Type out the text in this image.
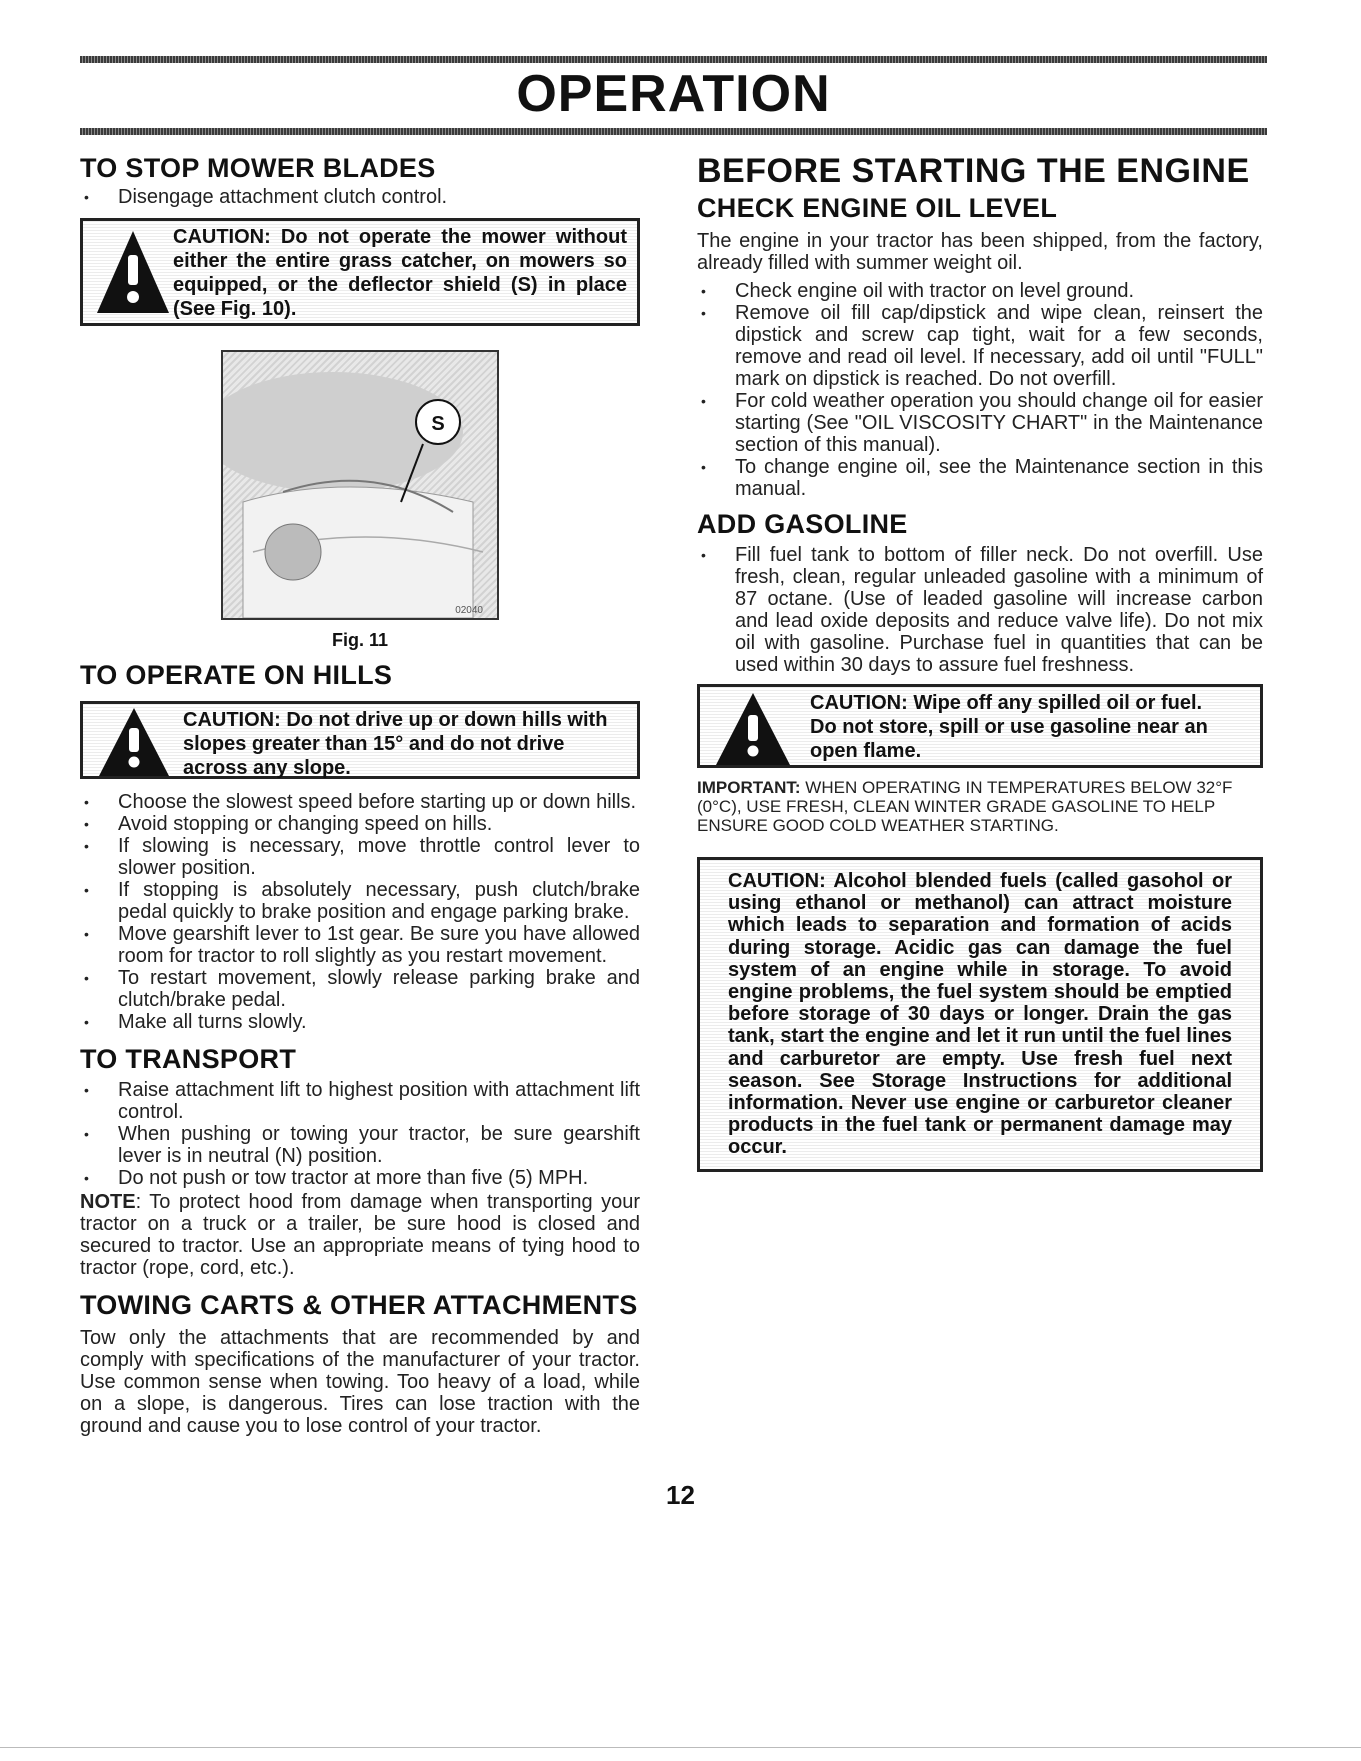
OPERATION
TO STOP MOWER BLADES
• Disengage attachment clutch control.
CAUTION: Do not operate the mower without either the entire grass catcher, on mowers so equipped, or the deflector shield (S) in place (See Fig. 10).
S
02040
Fig. 11
TO OPERATE ON HILLS
CAUTION: Do not drive up or down hills with slopes greater than 15° and do not drive across any slope.
• Choose the slowest speed before starting up or down hills.
• Avoid stopping or changing speed on hills.
• If slowing is necessary, move throttle control lever to slower position.
• If stopping is absolutely necessary, push clutch/brake pedal quickly to brake position and engage parking brake.
• Move gearshift lever to 1st gear. Be sure you have allowed room for tractor to roll slightly as you restart movement.
• To restart movement, slowly release parking brake and clutch/brake pedal.
• Make all turns slowly.
TO TRANSPORT
• Raise attachment lift to highest position with attachment lift control.
• When pushing or towing your tractor, be sure gearshift lever is in neutral (N) position.
• Do not push or tow tractor at more than five (5) MPH.

NOTE: To protect hood from damage when transporting your tractor on a truck or a trailer, be sure hood is closed and secured to tractor. Use an appropriate means of tying hood to tractor (rope, cord, etc.).

TOWING CARTS & OTHER ATTACHMENTS

Tow only the attachments that are recommended by and comply with specifications of the manufacturer of your tractor. Use common sense when towing. Too heavy of a load, while on a slope, is dangerous. Tires can lose traction with the ground and cause you to lose control of your tractor.

BEFORE STARTING THE ENGINE
CHECK ENGINE OIL LEVEL

The engine in your tractor has been shipped, from the factory, already filled with summer weight oil.

• Check engine oil with tractor on level ground.
• Remove oil fill cap/dipstick and wipe clean, reinsert the dipstick and screw cap tight, wait for a few seconds, remove and read oil level. If necessary, add oil until "FULL" mark on dipstick is reached. Do not overfill.
• For cold weather operation you should change oil for easier starting (See "OIL VISCOSITY CHART" in the Maintenance section of this manual).
• To change engine oil, see the Maintenance section in this manual.
ADD GASOLINE
• Fill fuel tank to bottom of filler neck. Do not overfill. Use fresh, clean, regular unleaded gasoline with a minimum of 87 octane. (Use of leaded gasoline will increase carbon and lead oxide deposits and reduce valve life). Do not mix oil with gasoline. Purchase fuel in quantities that can be used within 30 days to assure fuel freshness.
CAUTION: Wipe off any spilled oil or fuel. Do not store, spill or use gasoline near an open flame.

IMPORTANT: WHEN OPERATING IN TEMPERATURES BELOW 32°F (0°C), USE FRESH, CLEAN WINTER GRADE GASOLINE TO HELP ENSURE GOOD COLD WEATHER STARTING.

CAUTION: Alcohol blended fuels (called gasohol or using ethanol or methanol) can attract moisture which leads to separation and formation of acids during storage. Acidic gas can damage the fuel system of an engine while in storage. To avoid engine problems, the fuel system should be emptied before storage of 30 days or longer. Drain the gas tank, start the engine and let it run until the fuel lines and carburetor are empty. Use fresh fuel next season. See Storage Instructions for additional information. Never use engine or carburetor cleaner products in the fuel tank or permanent damage may occur.
12
